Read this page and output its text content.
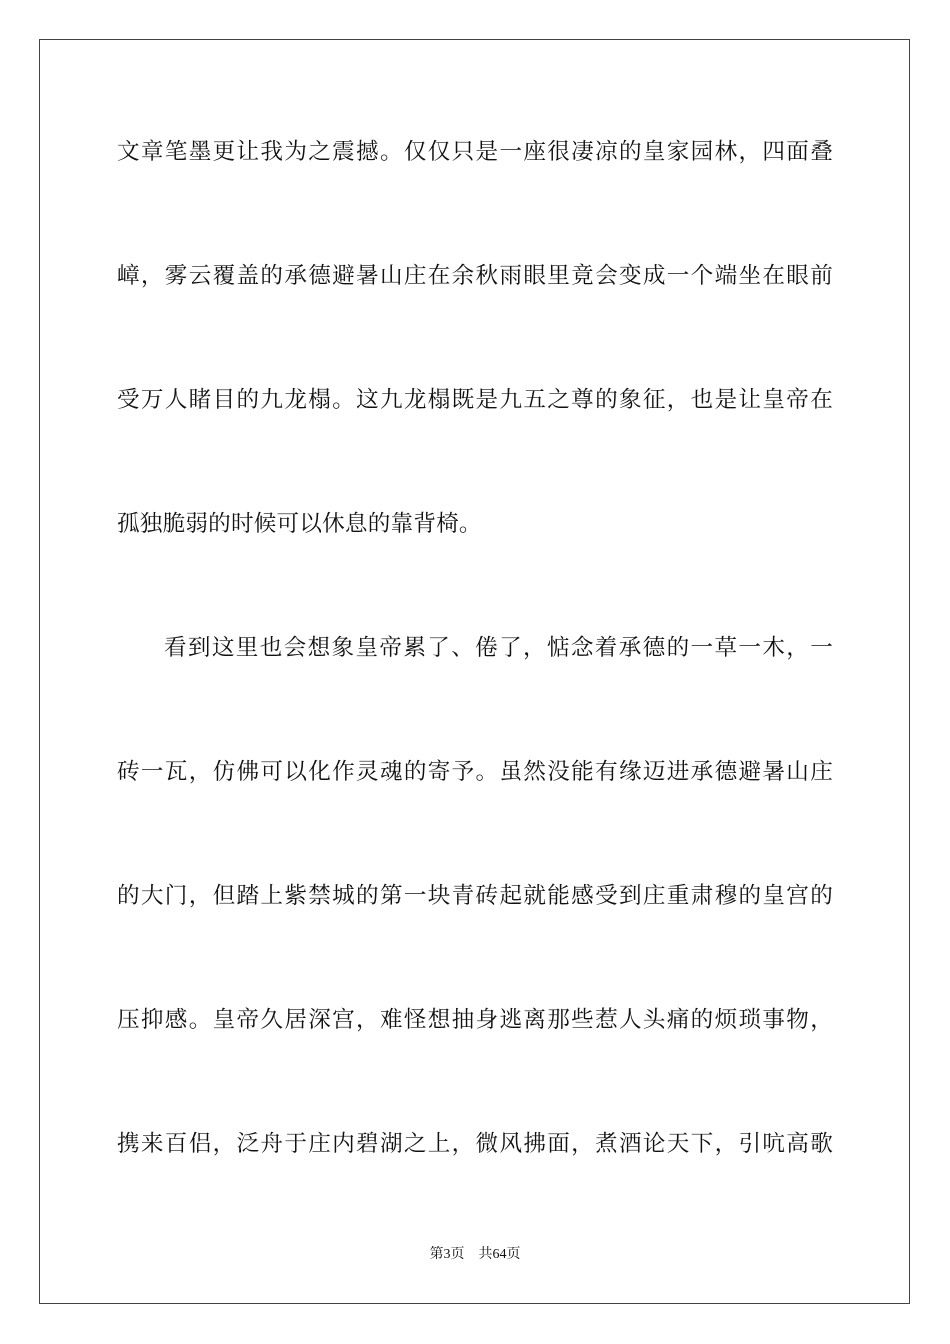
文章笔墨更让我为之震撼。仅仅只是一座很凄凉的皇家园林，四面叠
嶂，雾云覆盖的承德避暑山庄在余秋雨眼里竟会变成一个端坐在眼前
受万人睹目的九龙榻。这九龙榻既是九五之尊的象征，也是让皇帝在
孤独脆弱的时候可以休息的靠背椅。
看到这里也会想象皇帝累了、倦了，惦念着承德的一草一木，一
砖一瓦，仿佛可以化作灵魂的寄予。虽然没能有缘迈进承德避暑山庄
的大门，但踏上紫禁城的第一块青砖起就能感受到庄重肃穆的皇宫的
压抑感。皇帝久居深宫，难怪想抽身逃离那些惹人头痛的烦琐事物，
携来百侣，泛舟于庄内碧湖之上，微风拂面，煮酒论天下，引吭高歌
第3页 共64页
